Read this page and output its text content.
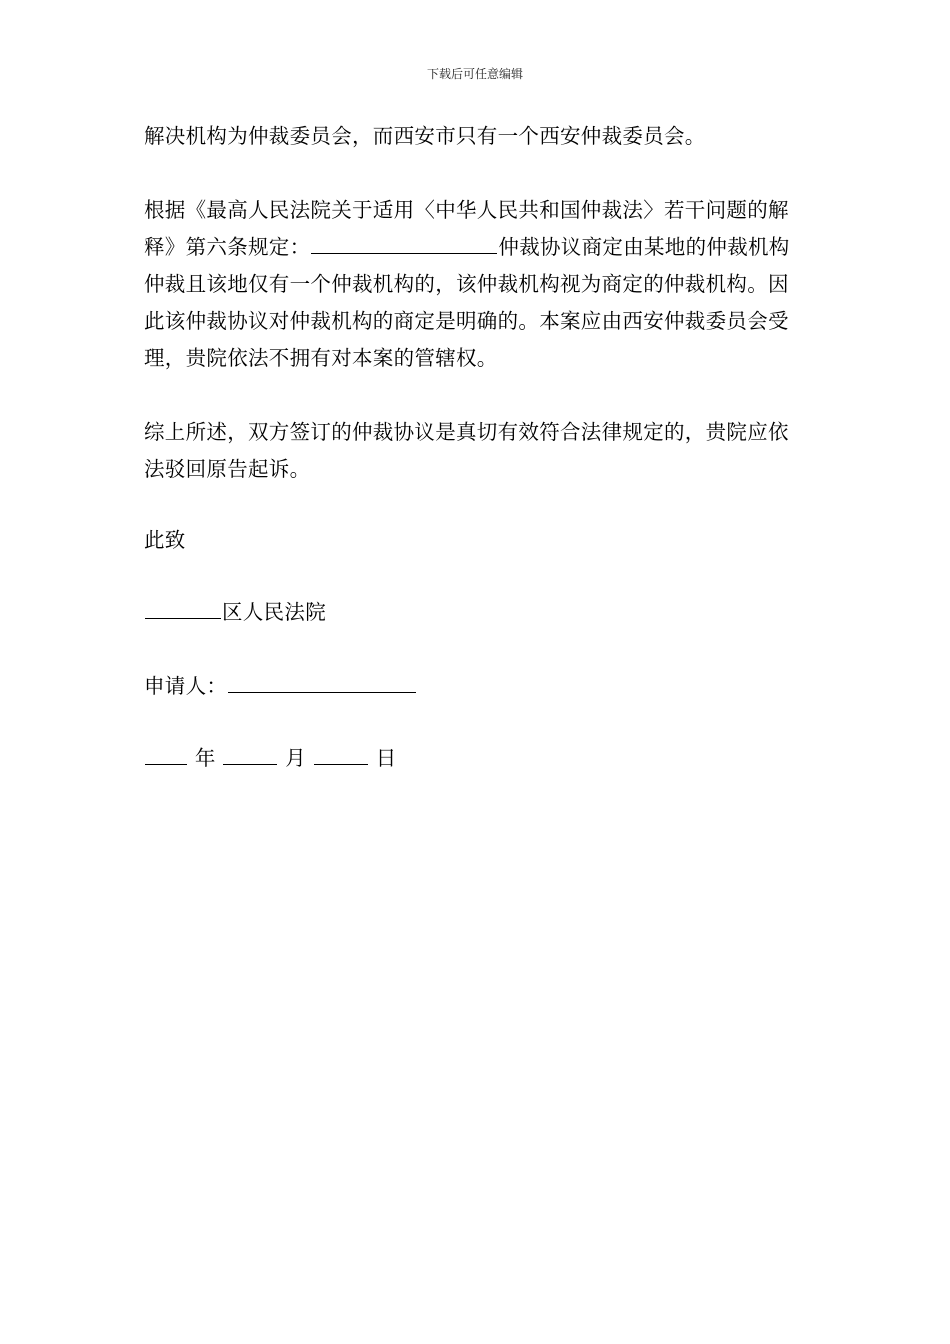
下载后可任意编辑

解决机构为仲裁委员会，而西安市只有一个西安仲裁委员会。

根据《最高人民法院关于适用〈中华人民共和国仲裁法〉若干问题的解释》第六条规定：	仲裁协议商定由某地的仲裁机构仲裁且该地仅有一个仲裁机构的，该仲裁机构视为商定的仲裁机构。因此该仲裁协议对仲裁机构的商定是明确的。本案应由西安仲裁委员会受理，贵院依法不拥有对本案的管辖权。

综上所述，双方签订的仲裁协议是真切有效符合法律规定的，贵院应依法驳回原告起诉。

此致

区人民法院

申请人：

年	月	日
